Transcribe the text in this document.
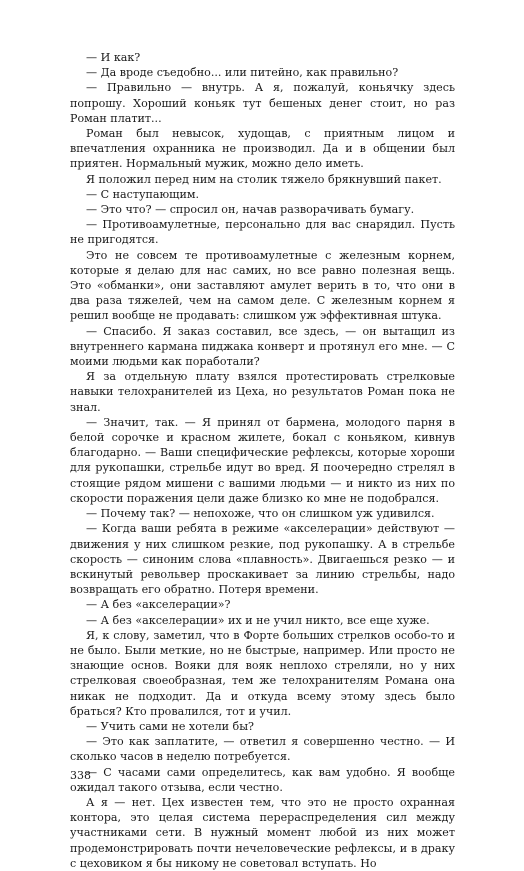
— И как?

— Да вроде съедобно... или питейно, как правильно?

— Правильно — внутрь. А я, пожалуй, коньячку здесь попрошу. Хороший коньяк тут бешеных денег стоит, но раз Роман платит...

Роман был невысок, худощав, с приятным лицом и впечатления охранника не производил. Да и в общении был приятен. Нормальный мужик, можно дело иметь.

Я положил перед ним на столик тяжело брякнувший пакет.

— С наступающим.

— Это что? — спросил он, начав разворачивать бумагу.

— Противоамулетные, персонально для вас снарядил. Пусть не пригодятся.

Это не совсем те противоамулетные с железным корнем, которые я делаю для нас самих, но все равно полезная вещь. Это «обманки», они заставляют амулет верить в то, что они в два раза тяжелей, чем на самом деле. С железным корнем я решил вообще не продавать: слишком уж эффективная штука.

— Спасибо. Я заказ составил, все здесь, — он вытащил из внутреннего кармана пиджака конверт и протянул его мне. — С моими людьми как поработали?

Я за отдельную плату взялся протестировать стрелковые навыки телохранителей из Цеха, но результатов Роман пока не знал.

— Значит, так. — Я принял от бармена, молодого парня в белой сорочке и красном жилете, бокал с коньяком, кивнув благодарно. — Ваши специфические рефлексы, которые хороши для рукопашки, стрельбе идут во вред. Я поочередно стрелял в стоящие рядом мишени с вашими людьми — и никто из них по скорости поражения цели даже близко ко мне не подобрался.

— Почему так? — непохоже, что он слишком уж удивился.

— Когда ваши ребята в режиме «акселерации» действуют — движения у них слишком резкие, под рукопашку. А в стрельбе скорость — синоним слова «плавность». Двигаешься резко — и вскинутый револьвер проскакивает за линию стрельбы, надо возвращать его обратно. Потеря времени.

— А без «акселерации»?

— А без «акселерации» их и не учил никто, все еще хуже.

Я, к слову, заметил, что в Форте больших стрелков особо-то и не было. Были меткие, но не быстрые, например. Или просто не знающие основ. Вояки для вояк неплохо стреляли, но у них стрелковая своеобразная, тем же телохранителям Романа она никак не подходит. Да и откуда всему этому здесь было браться? Кто провалился, тот и учил.

— Учить сами не хотели бы?

— Это как заплатите, — ответил я совершенно честно. — И сколько часов в неделю потребуется.

— С часами сами определитесь, как вам удобно. Я вообще ожидал такого отзыва, если честно.

А я — нет. Цех известен тем, что это не просто охранная контора, это целая система перераспределения сил между участниками сети. В нужный момент любой из них может продемонстрировать почти нечеловеческие рефлексы, и в драку с цеховиком я бы никому не советовал вступать. Но

338
